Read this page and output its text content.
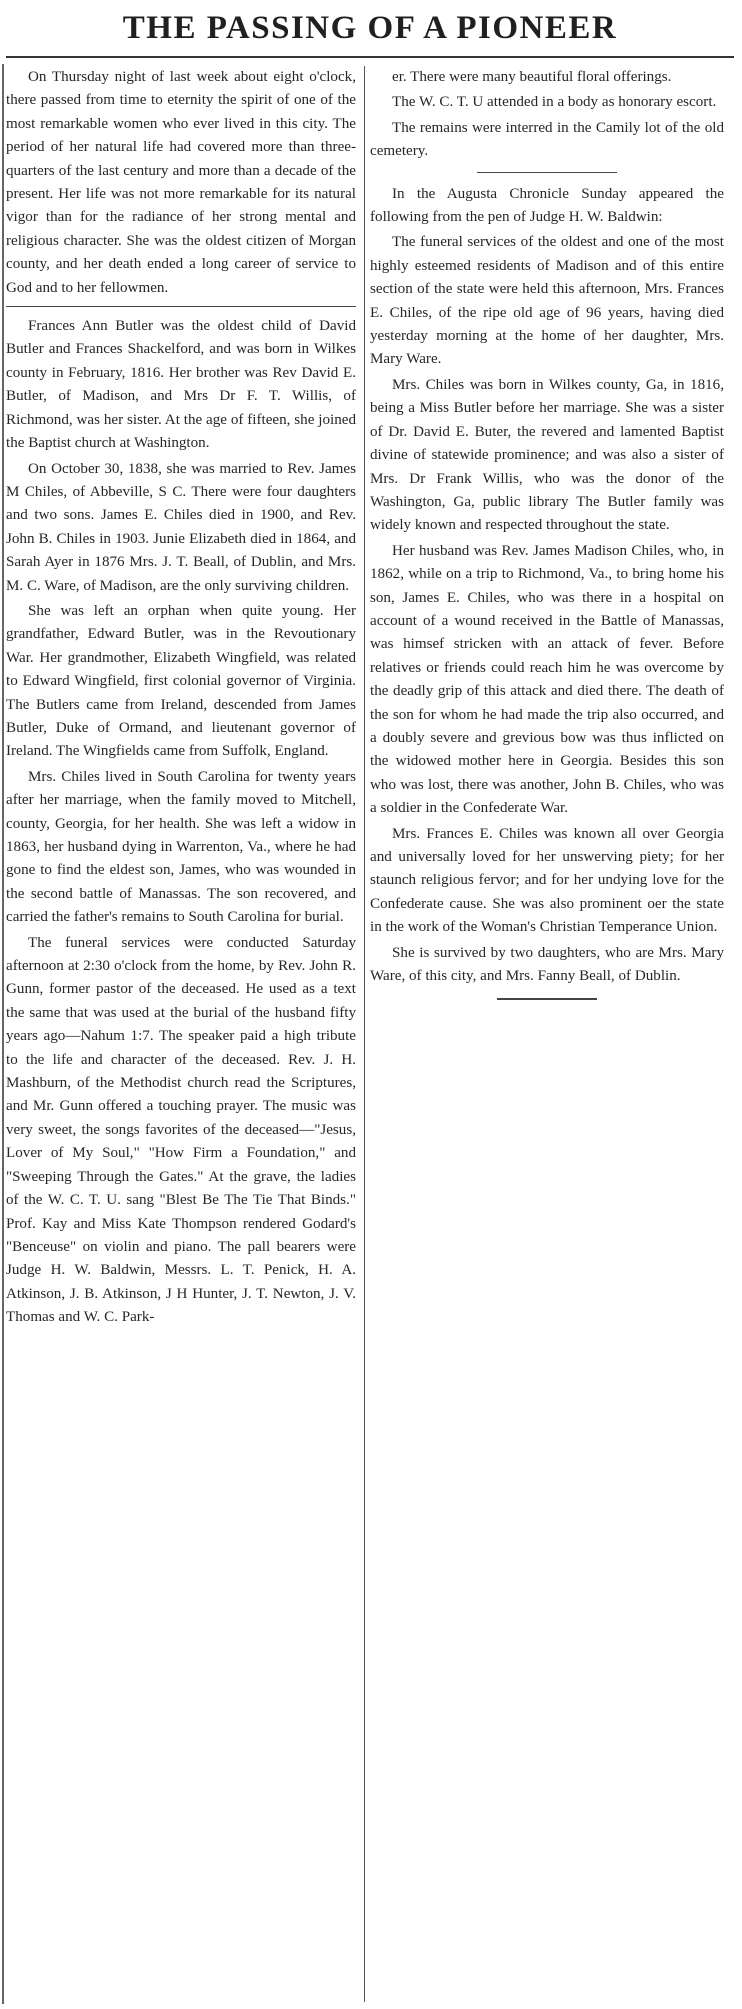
THE PASSING OF A PIONEER

On Thursday night of last week about eight o'clock, there passed from time to eternity the spirit of one of the most remarkable women who ever lived in this city. The period of her natural life had covered more than three-quarters of the last century and more than a decade of the present. Her life was not more remarkable for its natural vigor than for the radiance of her strong mental and religious character. She was the oldest citizen of Morgan county, and her death ended a long career of service to God and to her fellowmen.

Frances Ann Butler was the oldest child of David Butler and Frances Shackelford, and was born in Wilkes county in February, 1816. Her brother was Rev David E. Butler, of Madison, and Mrs Dr F. T. Willis, of Richmond, was her sister. At the age of fifteen, she joined the Baptist church at Washington.

On October 30, 1838, she was married to Rev. James M Chiles, of Abbeville, S C. There were four daughters and two sons. James E. Chiles died in 1900, and Rev. John B. Chiles in 1903. Junie Elizabeth died in 1864, and Sarah Ayer in 1876 Mrs. J. T. Beall, of Dublin, and Mrs. M. C. Ware, of Madison, are the only surviving children.

She was left an orphan when quite young. Her grandfather, Edward Butler, was in the Revoutionary War. Her grandmother, Elizabeth Wingfield, was related to Edward Wingfield, first colonial governor of Virginia. The Butlers came from Ireland, descended from James Butler, Duke of Ormand, and lieutenant governor of Ireland. The Wingfields came from Suffolk, England.

Mrs. Chiles lived in South Carolina for twenty years after her marriage, when the family moved to Mitchell, county, Georgia, for her health. She was left a widow in 1863, her husband dying in Warrenton, Va., where he had gone to find the eldest son, James, who was wounded in the second battle of Manassas. The son recovered, and carried the father's remains to South Carolina for burial.

The funeral services were conducted Saturday afternoon at 2:30 o'clock from the home, by Rev. John R. Gunn, former pastor of the deceased. He used as a text the same that was used at the burial of the husband fifty years ago—Nahum 1:7. The speaker paid a high tribute to the life and character of the deceased. Rev. J. H. Mashburn, of the Methodist church read the Scriptures, and Mr. Gunn offered a touching prayer. The music was very sweet, the songs favorites of the deceased—"Jesus, Lover of My Soul," "How Firm a Foundation," and "Sweeping Through the Gates." At the grave, the ladies of the W. C. T. U. sang "Blest Be The Tie That Binds." Prof. Kay and Miss Kate Thompson rendered Godard's "Benceuse" on violin and piano. The pall bearers were Judge H. W. Baldwin, Messrs. L. T. Penick, H. A. Atkinson, J. B. Atkinson, J H Hunter, J. T. Newton, J. V. Thomas and W. C. Park-

er. There were many beautiful floral offerings.

The W. C. T. U attended in a body as honorary escort.

The remains were interred in the Camily lot of the old cemetery.

In the Augusta Chronicle Sunday appeared the following from the pen of Judge H. W. Baldwin:

The funeral services of the oldest and one of the most highly esteemed residents of Madison and of this entire section of the state were held this afternoon, Mrs. Frances E. Chiles, of the ripe old age of 96 years, having died yesterday morning at the home of her daughter, Mrs. Mary Ware.

Mrs. Chiles was born in Wilkes county, Ga, in 1816, being a Miss Butler before her marriage. She was a sister of Dr. David E. Buter, the revered and lamented Baptist divine of statewide prominence; and was also a sister of Mrs. Dr Frank Willis, who was the donor of the Washington, Ga, public library The Butler family was widely known and respected throughout the state.

Her husband was Rev. James Madison Chiles, who, in 1862, while on a trip to Richmond, Va., to bring home his son, James E. Chiles, who was there in a hospital on account of a wound received in the Battle of Manassas, was himsef stricken with an attack of fever. Before relatives or friends could reach him he was overcome by the deadly grip of this attack and died there. The death of the son for whom he had made the trip also occurred, and a doubly severe and grevious bow was thus inflicted on the widowed mother here in Georgia. Besides this son who was lost, there was another, John B. Chiles, who was a soldier in the Confederate War.

Mrs. Frances E. Chiles was known all over Georgia and universally loved for her unswerving piety; for her staunch religious fervor; and for her undying love for the Confederate cause. She was also prominent oer the state in the work of the Woman's Christian Temperance Union.

She is survived by two daughters, who are Mrs. Mary Ware, of this city, and Mrs. Fanny Beall, of Dublin.
